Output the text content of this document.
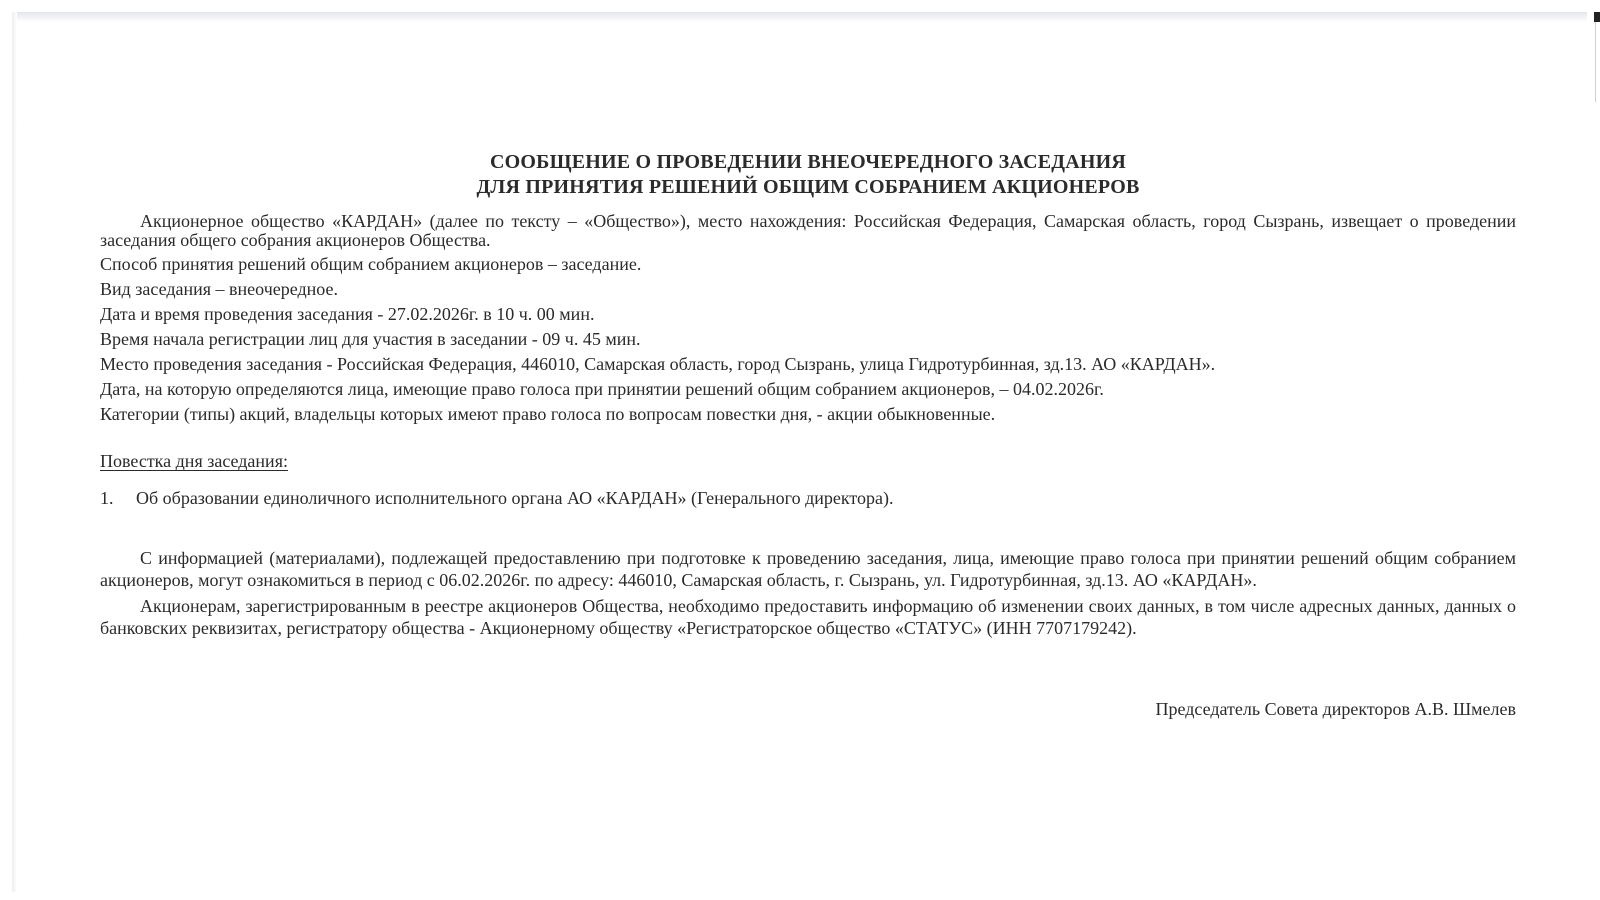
СООБЩЕНИЕ О ПРОВЕДЕНИИ ВНЕОЧЕРЕДНОГО ЗАСЕДАНИЯ
ДЛЯ ПРИНЯТИЯ РЕШЕНИЙ ОБЩИМ СОБРАНИЕМ АКЦИОНЕРОВ

Акционерное общество «КАРДАН» (далее по тексту – «Общество»), место нахождения: Российская Федерация, Самарская область, город Сызрань, извещает о проведении заседания общего собрания акционеров Общества.

Способ принятия решений общим собранием акционеров – заседание.
Вид заседания – внеочередное.
Дата и время проведения заседания - 27.02.2026г. в 10 ч. 00 мин.
Время начала регистрации лиц для участия в заседании - 09 ч. 45 мин.
Место проведения заседания - Российская Федерация, 446010, Самарская область, город Сызрань, улица Гидротурбинная, зд.13. АО «КАРДАН».
Дата, на которую определяются лица, имеющие право голоса при принятии решений общим собранием акционеров, – 04.02.2026г.
Категории (типы) акций, владельцы которых имеют право голоса по вопросам повестки дня, - акции обыкновенные.
Повестка дня заседания:
1.	Об образовании единоличного исполнительного органа АО «КАРДАН» (Генерального директора).

С информацией (материалами), подлежащей предоставлению при подготовке к проведению заседания, лица, имеющие право голоса при принятии решений общим собранием акционеров, могут ознакомиться в период с 06.02.2026г. по адресу: 446010, Самарская область, г. Сызрань, ул. Гидротурбинная, зд.13. АО «КАРДАН».

Акционерам, зарегистрированным в реестре акционеров Общества, необходимо предоставить информацию об изменении своих данных, в том числе адресных данных, данных о банковских реквизитах, регистратору общества - Акционерному обществу «Регистраторское общество «СТАТУС» (ИНН 7707179242).

Председатель Совета директоров А.В. Шмелев
